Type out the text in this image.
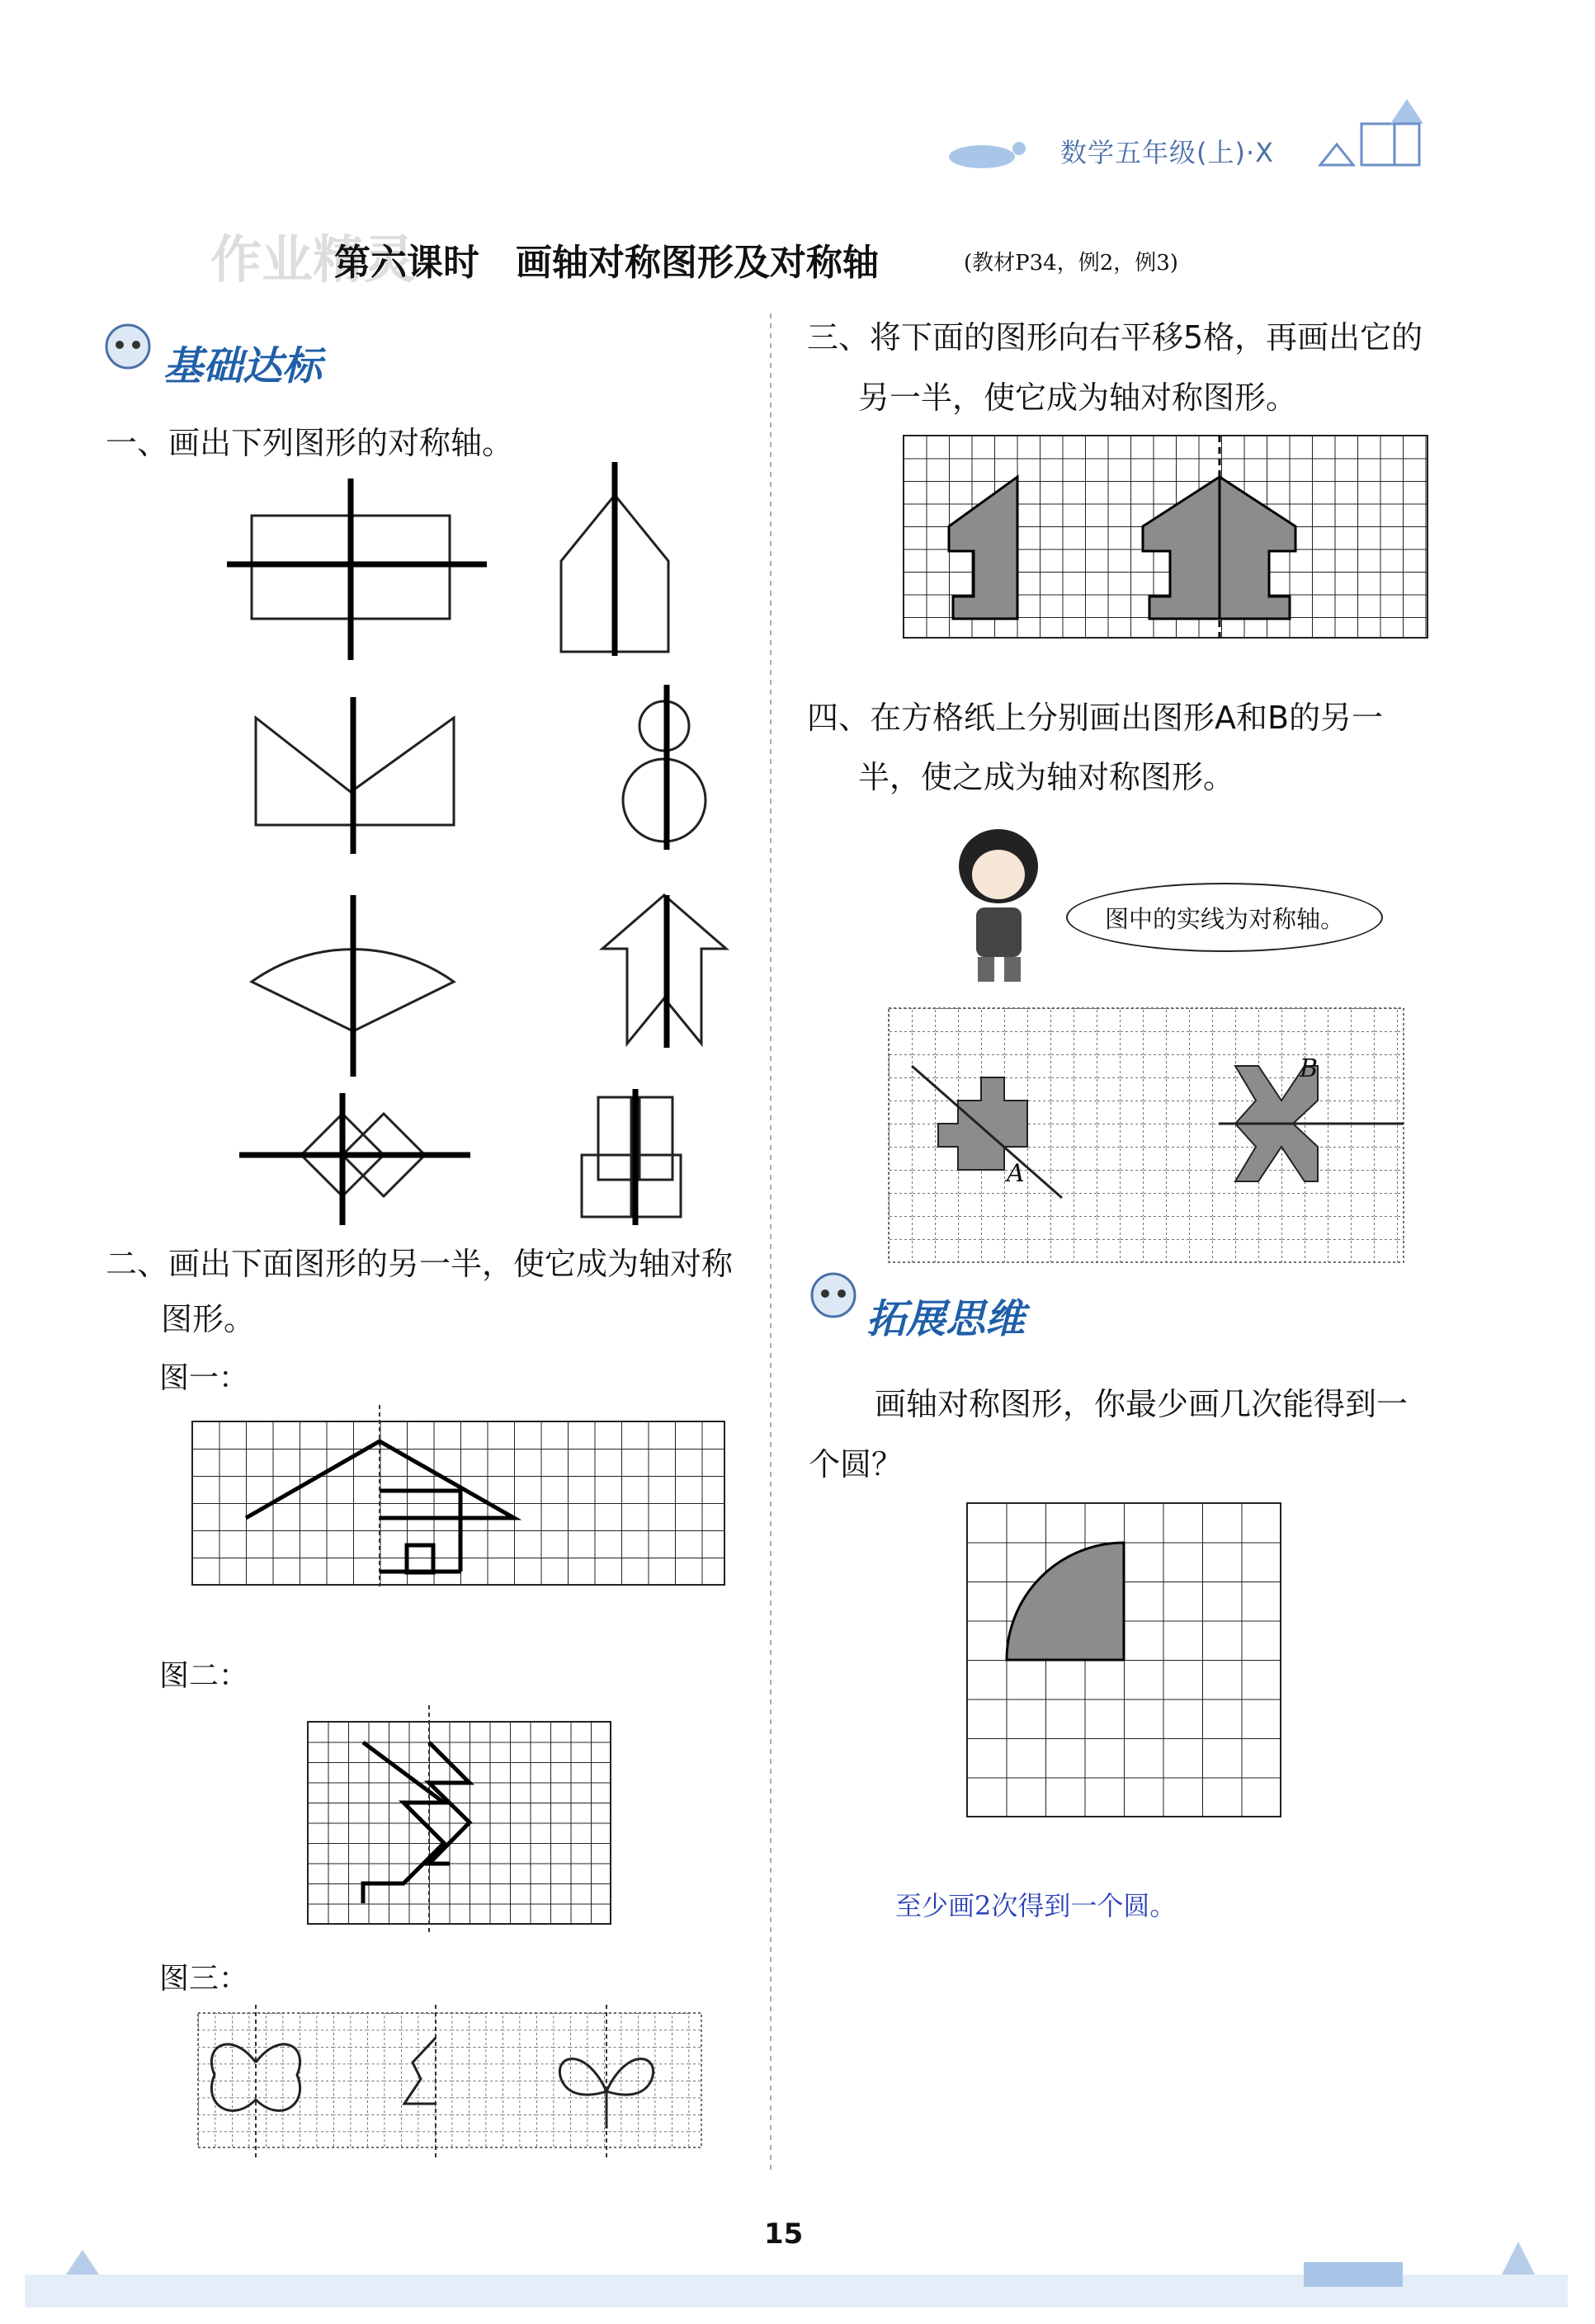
数学五年级(上)·X
作业精灵
第六课时　画轴对称图形及对称轴	(教材P34，例2，例3)
基础达标
一、画出下列图形的对称轴。
二、画出下面图形的另一半，使它成为轴对称
图形。
图一：
图二：
图三：
三、将下面的图形向右平移5格，再画出它的
另一半，使它成为轴对称图形。
四、在方格纸上分别画出图形A和B的另一
半，使之成为轴对称图形。
图中的实线为对称轴。
A
B
拓展思维
画轴对称图形，你最少画几次能得到一
个圆？
至少画2次得到一个圆。
15
